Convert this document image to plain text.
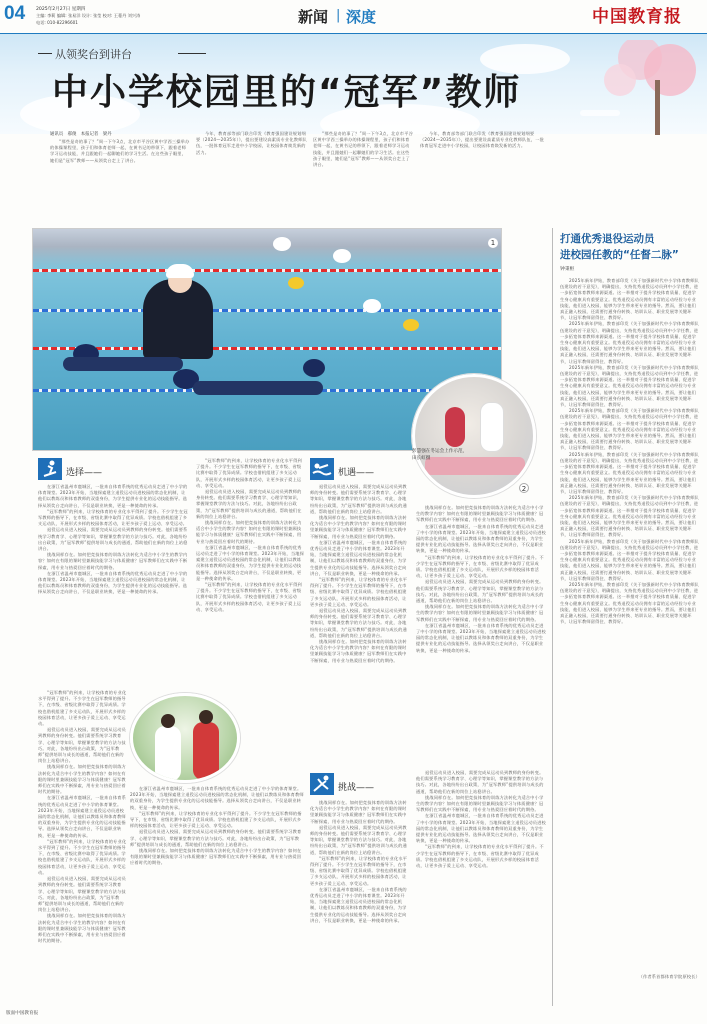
04 2025年2月27日 星期四
主编: 李莉 编辑: 张易洋 设计: 张莹 校对: 王蔓丹 刘兴涛
电话: 010-82296601	新闻 | 深度	中国教育报
从领奖台到讲台
中小学校园里的“冠军”教师
通讯员　郝俊　本报记者　梁丹

“那些是奇的事了？”周一下午3点，北京市平谷区黄中学西三操举办的体操课程里，孩子们和体育老师一起，在黄书记的带领下，跟着老师学习运动技能，并且跟她们一起聊她们的学习生活。在这些孩子眼里，她们是“冠军”教师——从领奖台走上了讲台。

今年，教育部等部门联合印发《教育强国建设规划纲要（2024—2035年）》，提出要建设高素质专业化教师队伍，一批体育冠军走进中小学校园，让校园体育焕发新的活力。

“那些是奇的事了？”周一下午3点，北京市平谷区黄中学西三操举办的体操课程里，孩子们和体育老师一起，在黄书记的带领下，跟着老师学习运动技能，并且跟她们一起聊她们的学习生活。在这些孩子眼里，她们是“冠军”教师——从领奖台走上了讲台。

今年，教育部等部门联合印发《教育强国建设规划纲要（2024—2035年）》，提出要建设高素质专业化教师队伍，一批体育冠军走进中小学校园，让校园体育焕发新的活力。

1
2
彭慧强在冬运会上作示范，田长虹摄
选择——

在浙江省温州市鹿城区，一批来自体育系统的优秀运动员走进了中小学的体育课堂。2023年开始，当地探索建立退役运动员进校园的常态化机制，让他们以教练员和体育教师的双重身份，为学生提供专业化的运动技能指导。选择从领奖台走向讲台，不仅是职业转换，更是一种使命的传承。

“冠军教师”的到来，让学校体育的专业化水平得到了提升。不少学生在冠军教师的指导下，在市级、省级比赛中取得了优异成绩。学校也借机组建了多支运动队，开展形式多样的校园体育活动，让更多孩子爱上运动、享受运动。

退役运动员进入校园，需要完成从运动员到教师的身份转变。他们需要系统学习教育学、心理学等知识，掌握课堂教学的方法与技巧。对此，各地纷纷出台政策，为“冠军教师”提供培训与成长的通道，帮助他们在新的岗位上站稳讲台。

挑战同样存在。如何把竞技体育的训练方法转化为适合中小学生的教学内容？如何在有限的课时里兼顾技能学习与体质健康？冠军教师们在实践中不断探索，用专业与热爱回应着时代的期待。

在浙江省温州市鹿城区，一批来自体育系统的优秀运动员走进了中小学的体育课堂。2023年开始，当地探索建立退役运动员进校园的常态化机制，让他们以教练员和体育教师的双重身份，为学生提供专业化的运动技能指导。选择从领奖台走向讲台，不仅是职业转换，更是一种使命的传承。

“冠军教师”的到来，让学校体育的专业化水平得到了提升。不少学生在冠军教师的指导下，在市级、省级比赛中取得了优异成绩。学校也借机组建了多支运动队，开展形式多样的校园体育活动，让更多孩子爱上运动、享受运动。

退役运动员进入校园，需要完成从运动员到教师的身份转变。他们需要系统学习教育学、心理学等知识，掌握课堂教学的方法与技巧。对此，各地纷纷出台政策，为“冠军教师”提供培训与成长的通道，帮助他们在新的岗位上站稳讲台。

挑战同样存在。如何把竞技体育的训练方法转化为适合中小学生的教学内容？如何在有限的课时里兼顾技能学习与体质健康？冠军教师们在实践中不断探索，用专业与热爱回应着时代的期待。

在浙江省温州市鹿城区，一批来自体育系统的优秀运动员走进了中小学的体育课堂。2023年开始，当地探索建立退役运动员进校园的常态化机制，让他们以教练员和体育教师的双重身份，为学生提供专业化的运动技能指导。选择从领奖台走向讲台，不仅是职业转换，更是一种使命的传承。

“冠军教师”的到来，让学校体育的专业化水平得到了提升。不少学生在冠军教师的指导下，在市级、省级比赛中取得了优异成绩。学校也借机组建了多支运动队，开展形式多样的校园体育活动，让更多孩子爱上运动、享受运动。

机遇——

退役运动员进入校园，需要完成从运动员到教师的身份转变。他们需要系统学习教育学、心理学等知识，掌握课堂教学的方法与技巧。对此，各地纷纷出台政策，为“冠军教师”提供培训与成长的通道，帮助他们在新的岗位上站稳讲台。

挑战同样存在。如何把竞技体育的训练方法转化为适合中小学生的教学内容？如何在有限的课时里兼顾技能学习与体质健康？冠军教师们在实践中不断探索，用专业与热爱回应着时代的期待。

在浙江省温州市鹿城区，一批来自体育系统的优秀运动员走进了中小学的体育课堂。2023年开始，当地探索建立退役运动员进校园的常态化机制，让他们以教练员和体育教师的双重身份，为学生提供专业化的运动技能指导。选择从领奖台走向讲台，不仅是职业转换，更是一种使命的传承。

“冠军教师”的到来，让学校体育的专业化水平得到了提升。不少学生在冠军教师的指导下，在市级、省级比赛中取得了优异成绩。学校也借机组建了多支运动队，开展形式多样的校园体育活动，让更多孩子爱上运动、享受运动。

退役运动员进入校园，需要完成从运动员到教师的身份转变。他们需要系统学习教育学、心理学等知识，掌握课堂教学的方法与技巧。对此，各地纷纷出台政策，为“冠军教师”提供培训与成长的通道，帮助他们在新的岗位上站稳讲台。

挑战同样存在。如何把竞技体育的训练方法转化为适合中小学生的教学内容？如何在有限的课时里兼顾技能学习与体质健康？冠军教师们在实践中不断探索，用专业与热爱回应着时代的期待。

挑战同样存在。如何把竞技体育的训练方法转化为适合中小学生的教学内容？如何在有限的课时里兼顾技能学习与体质健康？冠军教师们在实践中不断探索，用专业与热爱回应着时代的期待。

在浙江省温州市鹿城区，一批来自体育系统的优秀运动员走进了中小学的体育课堂。2023年开始，当地探索建立退役运动员进校园的常态化机制，让他们以教练员和体育教师的双重身份，为学生提供专业化的运动技能指导。选择从领奖台走向讲台，不仅是职业转换，更是一种使命的传承。

“冠军教师”的到来，让学校体育的专业化水平得到了提升。不少学生在冠军教师的指导下，在市级、省级比赛中取得了优异成绩。学校也借机组建了多支运动队，开展形式多样的校园体育活动，让更多孩子爱上运动、享受运动。

退役运动员进入校园，需要完成从运动员到教师的身份转变。他们需要系统学习教育学、心理学等知识，掌握课堂教学的方法与技巧。对此，各地纷纷出台政策，为“冠军教师”提供培训与成长的通道，帮助他们在新的岗位上站稳讲台。

挑战同样存在。如何把竞技体育的训练方法转化为适合中小学生的教学内容？如何在有限的课时里兼顾技能学习与体质健康？冠军教师们在实践中不断探索，用专业与热爱回应着时代的期待。

在浙江省温州市鹿城区，一批来自体育系统的优秀运动员走进了中小学的体育课堂。2023年开始，当地探索建立退役运动员进校园的常态化机制，让他们以教练员和体育教师的双重身份，为学生提供专业化的运动技能指导。选择从领奖台走向讲台，不仅是职业转换，更是一种使命的传承。

“冠军教师”的到来，让学校体育的专业化水平得到了提升。不少学生在冠军教师的指导下，在市级、省级比赛中取得了优异成绩。学校也借机组建了多支运动队，开展形式多样的校园体育活动，让更多孩子爱上运动、享受运动。

退役运动员进入校园，需要完成从运动员到教师的身份转变。他们需要系统学习教育学、心理学等知识，掌握课堂教学的方法与技巧。对此，各地纷纷出台政策，为“冠军教师”提供培训与成长的通道，帮助他们在新的岗位上站稳讲台。

挑战同样存在。如何把竞技体育的训练方法转化为适合中小学生的教学内容？如何在有限的课时里兼顾技能学习与体质健康？冠军教师们在实践中不断探索，用专业与热爱回应着时代的期待。

在浙江省温州市鹿城区，一批来自体育系统的优秀运动员走进了中小学的体育课堂。2023年开始，当地探索建立退役运动员进校园的常态化机制，让他们以教练员和体育教师的双重身份，为学生提供专业化的运动技能指导。选择从领奖台走向讲台，不仅是职业转换，更是一种使命的传承。

“冠军教师”的到来，让学校体育的专业化水平得到了提升。不少学生在冠军教师的指导下，在市级、省级比赛中取得了优异成绩。学校也借机组建了多支运动队，开展形式多样的校园体育活动，让更多孩子爱上运动、享受运动。

退役运动员进入校园，需要完成从运动员到教师的身份转变。他们需要系统学习教育学、心理学等知识，掌握课堂教学的方法与技巧。对此，各地纷纷出台政策，为“冠军教师”提供培训与成长的通道，帮助他们在新的岗位上站稳讲台。

挑战同样存在。如何把竞技体育的训练方法转化为适合中小学生的教学内容？如何在有限的课时里兼顾技能学习与体质健康？冠军教师们在实践中不断探索，用专业与热爱回应着时代的期待。

在浙江省温州市鹿城区，一批来自体育系统的优秀运动员走进了中小学的体育课堂。2023年开始，当地探索建立退役运动员进校园的常态化机制，让他们以教练员和体育教师的双重身份，为学生提供专业化的运动技能指导。选择从领奖台走向讲台，不仅是职业转换，更是一种使命的传承。

“冠军教师”的到来，让学校体育的专业化水平得到了提升。不少学生在冠军教师的指导下，在市级、省级比赛中取得了优异成绩。学校也借机组建了多支运动队，开展形式多样的校园体育活动，让更多孩子爱上运动、享受运动。

退役运动员进入校园，需要完成从运动员到教师的身份转变。他们需要系统学习教育学、心理学等知识，掌握课堂教学的方法与技巧。对此，各地纷纷出台政策，为“冠军教师”提供培训与成长的通道，帮助他们在新的岗位上站稳讲台。

挑战同样存在。如何把竞技体育的训练方法转化为适合中小学生的教学内容？如何在有限的课时里兼顾技能学习与体质健康？冠军教师们在实践中不断探索，用专业与热爱回应着时代的期待。

挑战——

挑战同样存在。如何把竞技体育的训练方法转化为适合中小学生的教学内容？如何在有限的课时里兼顾技能学习与体质健康？冠军教师们在实践中不断探索，用专业与热爱回应着时代的期待。

退役运动员进入校园，需要完成从运动员到教师的身份转变。他们需要系统学习教育学、心理学等知识，掌握课堂教学的方法与技巧。对此，各地纷纷出台政策，为“冠军教师”提供培训与成长的通道，帮助他们在新的岗位上站稳讲台。

“冠军教师”的到来，让学校体育的专业化水平得到了提升。不少学生在冠军教师的指导下，在市级、省级比赛中取得了优异成绩。学校也借机组建了多支运动队，开展形式多样的校园体育活动，让更多孩子爱上运动、享受运动。

在浙江省温州市鹿城区，一批来自体育系统的优秀运动员走进了中小学的体育课堂。2023年开始，当地探索建立退役运动员进校园的常态化机制，让他们以教练员和体育教师的双重身份，为学生提供专业化的运动技能指导。选择从领奖台走向讲台，不仅是职业转换，更是一种使命的传承。

退役运动员进入校园，需要完成从运动员到教师的身份转变。他们需要系统学习教育学、心理学等知识，掌握课堂教学的方法与技巧。对此，各地纷纷出台政策，为“冠军教师”提供培训与成长的通道，帮助他们在新的岗位上站稳讲台。

挑战同样存在。如何把竞技体育的训练方法转化为适合中小学生的教学内容？如何在有限的课时里兼顾技能学习与体质健康？冠军教师们在实践中不断探索，用专业与热爱回应着时代的期待。

在浙江省温州市鹿城区，一批来自体育系统的优秀运动员走进了中小学的体育课堂。2023年开始，当地探索建立退役运动员进校园的常态化机制，让他们以教练员和体育教师的双重身份，为学生提供专业化的运动技能指导。选择从领奖台走向讲台，不仅是职业转换，更是一种使命的传承。

“冠军教师”的到来，让学校体育的专业化水平得到了提升。不少学生在冠军教师的指导下，在市级、省级比赛中取得了优异成绩。学校也借机组建了多支运动队，开展形式多样的校园体育活动，让更多孩子爱上运动、享受运动。

打通优秀退役运动员
进校园任教的“任督二脉”
钟秉枢

2025年新年伊始，教育部印发《关于加强新时代中小学体育教师队伍建设的若干意见》，明确提出，支持优秀退役运动员到中小学任教，进一步拓宽体育教师来源渠道。这一举措对于提升学校体育质量、促进学生身心健康具有重要意义。优秀退役运动员拥有丰富的运动经验与专业技能，他们进入校园，能够为学生带来更专业的指导。然而，要让他们真正融入校园，还需要打通身份转换、培训认证、职业发展等关键环节，让冠军教师留得住、教得好。

2025年新年伊始，教育部印发《关于加强新时代中小学体育教师队伍建设的若干意见》，明确提出，支持优秀退役运动员到中小学任教，进一步拓宽体育教师来源渠道。这一举措对于提升学校体育质量、促进学生身心健康具有重要意义。优秀退役运动员拥有丰富的运动经验与专业技能，他们进入校园，能够为学生带来更专业的指导。然而，要让他们真正融入校园，还需要打通身份转换、培训认证、职业发展等关键环节，让冠军教师留得住、教得好。

2025年新年伊始，教育部印发《关于加强新时代中小学体育教师队伍建设的若干意见》，明确提出，支持优秀退役运动员到中小学任教，进一步拓宽体育教师来源渠道。这一举措对于提升学校体育质量、促进学生身心健康具有重要意义。优秀退役运动员拥有丰富的运动经验与专业技能，他们进入校园，能够为学生带来更专业的指导。然而，要让他们真正融入校园，还需要打通身份转换、培训认证、职业发展等关键环节，让冠军教师留得住、教得好。

2025年新年伊始，教育部印发《关于加强新时代中小学体育教师队伍建设的若干意见》，明确提出，支持优秀退役运动员到中小学任教，进一步拓宽体育教师来源渠道。这一举措对于提升学校体育质量、促进学生身心健康具有重要意义。优秀退役运动员拥有丰富的运动经验与专业技能，他们进入校园，能够为学生带来更专业的指导。然而，要让他们真正融入校园，还需要打通身份转换、培训认证、职业发展等关键环节，让冠军教师留得住、教得好。

2025年新年伊始，教育部印发《关于加强新时代中小学体育教师队伍建设的若干意见》，明确提出，支持优秀退役运动员到中小学任教，进一步拓宽体育教师来源渠道。这一举措对于提升学校体育质量、促进学生身心健康具有重要意义。优秀退役运动员拥有丰富的运动经验与专业技能，他们进入校园，能够为学生带来更专业的指导。然而，要让他们真正融入校园，还需要打通身份转换、培训认证、职业发展等关键环节，让冠军教师留得住、教得好。

2025年新年伊始，教育部印发《关于加强新时代中小学体育教师队伍建设的若干意见》，明确提出，支持优秀退役运动员到中小学任教，进一步拓宽体育教师来源渠道。这一举措对于提升学校体育质量、促进学生身心健康具有重要意义。优秀退役运动员拥有丰富的运动经验与专业技能，他们进入校园，能够为学生带来更专业的指导。然而，要让他们真正融入校园，还需要打通身份转换、培训认证、职业发展等关键环节，让冠军教师留得住、教得好。

2025年新年伊始，教育部印发《关于加强新时代中小学体育教师队伍建设的若干意见》，明确提出，支持优秀退役运动员到中小学任教，进一步拓宽体育教师来源渠道。这一举措对于提升学校体育质量、促进学生身心健康具有重要意义。优秀退役运动员拥有丰富的运动经验与专业技能，他们进入校园，能够为学生带来更专业的指导。然而，要让他们真正融入校园，还需要打通身份转换、培训认证、职业发展等关键环节，让冠军教师留得住、教得好。

2025年新年伊始，教育部印发《关于加强新时代中小学体育教师队伍建设的若干意见》，明确提出，支持优秀退役运动员到中小学任教，进一步拓宽体育教师来源渠道。这一举措对于提升学校体育质量、促进学生身心健康具有重要意义。优秀退役运动员拥有丰富的运动经验与专业技能，他们进入校园，能够为学生带来更专业的指导。然而，要让他们真正融入校园，还需要打通身份转换、培训认证、职业发展等关键环节，让冠军教师留得住、教得好。

（作者系首都体育学院原校长）
版面中国教育报
